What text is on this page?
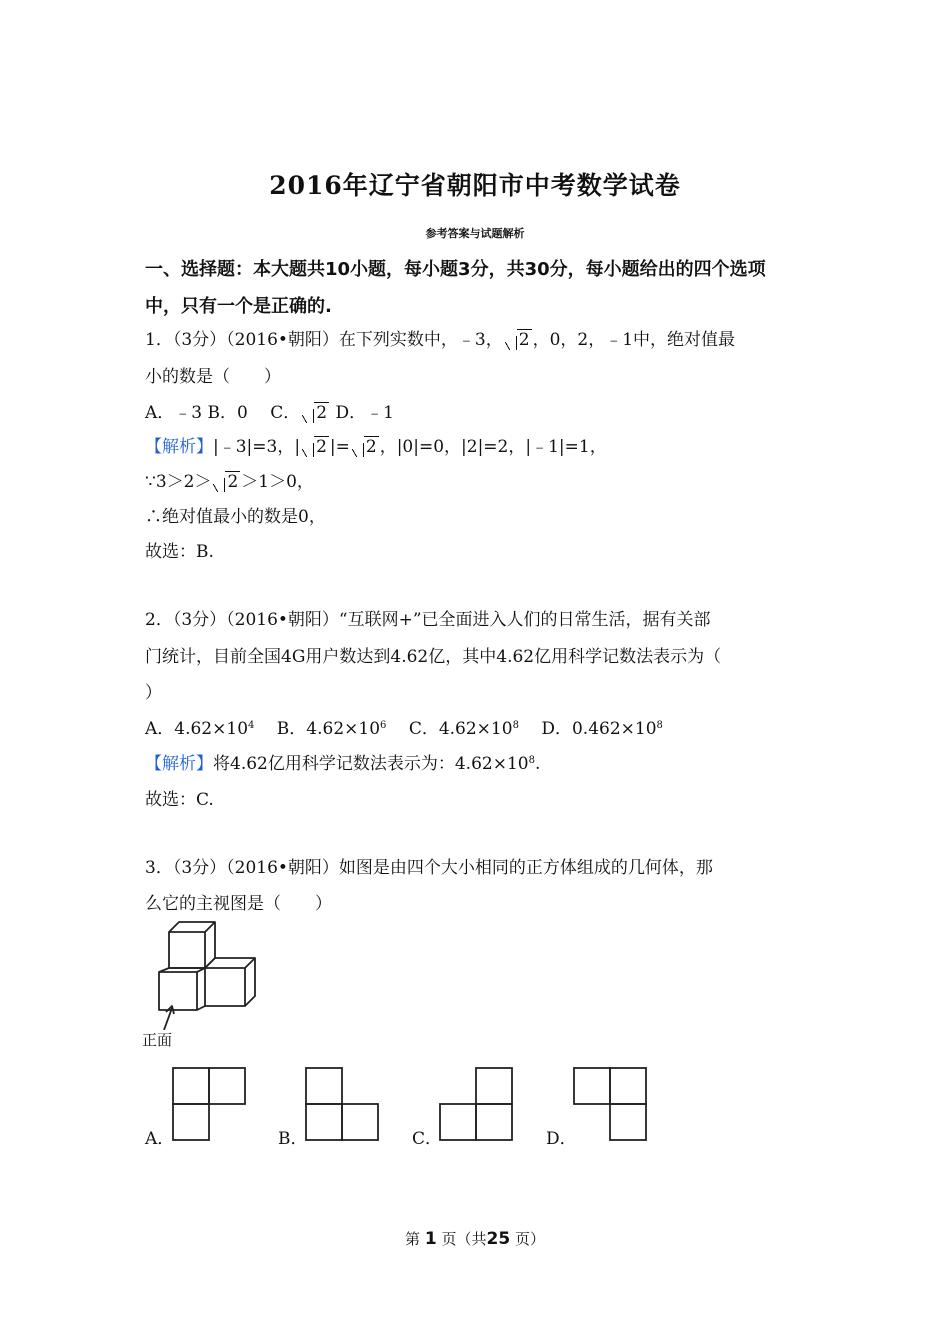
2016年辽宁省朝阳市中考数学试卷
参考答案与试题解析
一、选择题：本大题共10小题，每小题3分，共30分，每小题给出的四个选项
中，只有一个是正确的.
1．（3分）（2016•朝阳）在下列实数中，﹣3， 2 ，0，2，﹣1中，绝对值最
小的数是（　　）
A．﹣3 B．0　 C． 2 D．﹣1
【解析】|﹣3|=3，| 2 |= 2 ，|0|=0，|2|=2，|﹣1|=1，
∵3＞2＞ 2 ＞1＞0，
∴绝对值最小的数是0，
故选：B.
2．（3分）（2016•朝阳）“互联网+”已全面进入人们的日常生活，据有关部
门统计，目前全国4G用户数达到4.62亿，其中4.62亿用科学记数法表示为（
）
A．$4.62\times 10^4$　 B．$4.62\times 10^6$　 C．$4.62\times 10^8$　 D．$0.462\times 10^8$
【解析】将4.62亿用科学记数法表示为：$4.62\times 10^8$.
故选：C.
3．（3分）（2016•朝阳）如图是由四个大小相同的正方体组成的几何体，那
么它的主视图是（　　）
正面
A．	B．	C．	D．
第 1 页（共25 页）
